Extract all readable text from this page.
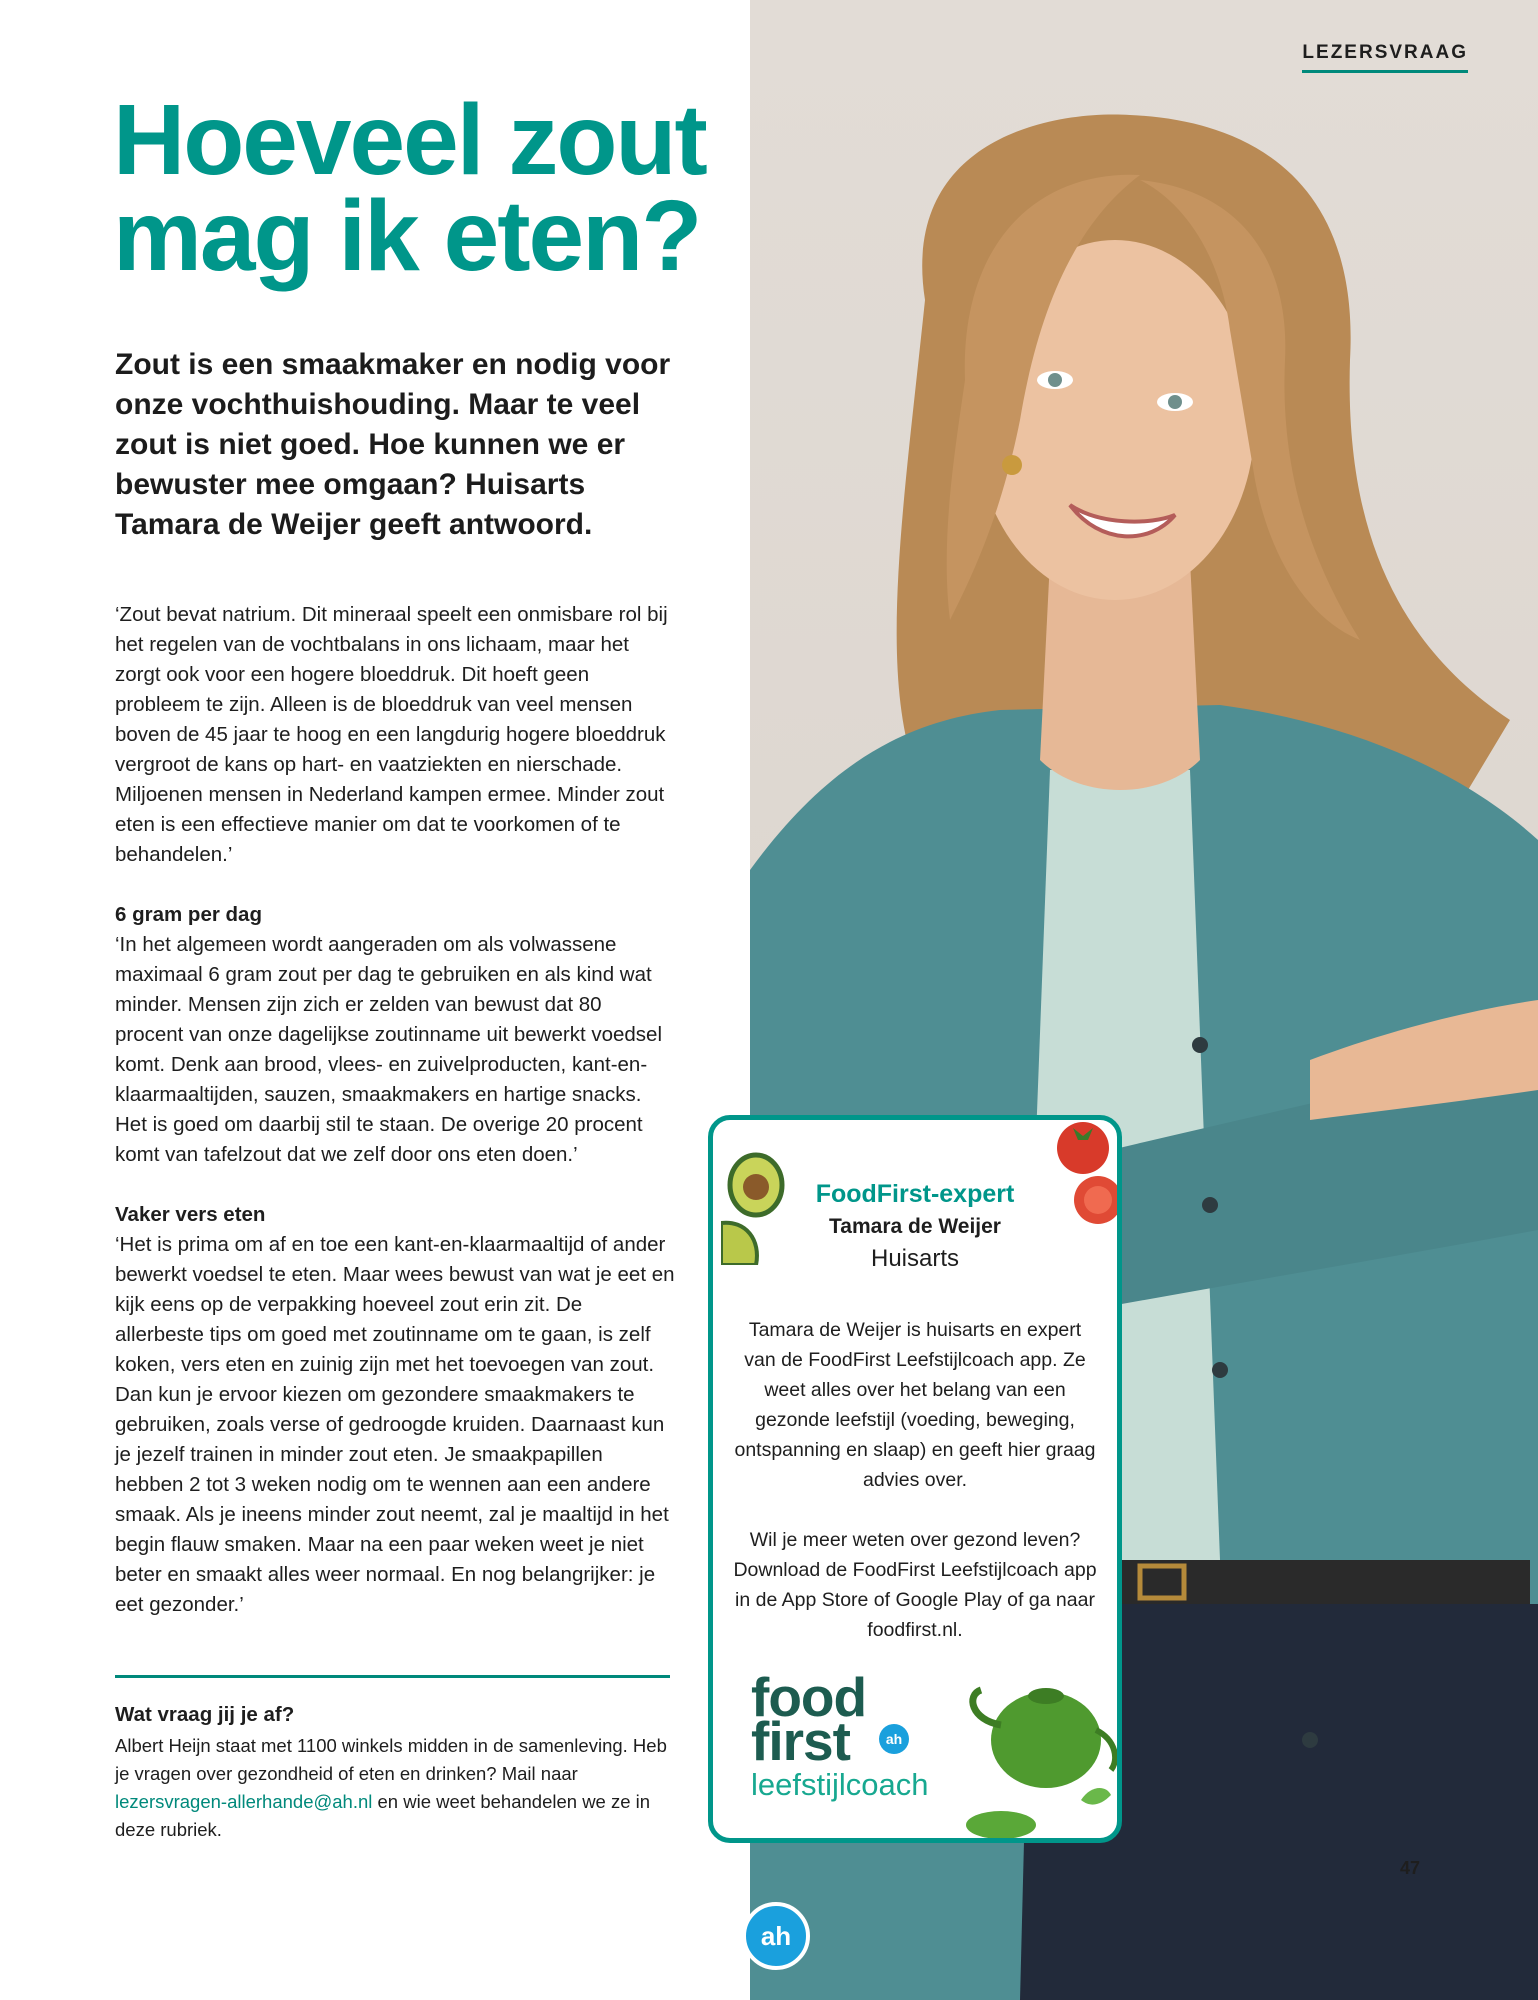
LEZERSVRAAG
Hoeveel zout
mag ik eten?

Zout is een smaakmaker en nodig voor onze vochthuishouding. Maar te veel zout is niet goed. Hoe kunnen we er bewuster mee omgaan? Huisarts Tamara de Weijer geeft antwoord.

‘Zout bevat natrium. Dit mineraal speelt een onmisbare rol bij het regelen van de vochtbalans in ons lichaam, maar het zorgt ook voor een hogere bloeddruk. Dit hoeft geen probleem te zijn. Alleen is de bloeddruk van veel mensen boven de 45 jaar te hoog en een langdurig hogere bloeddruk vergroot de kans op hart- en vaatziekten en nierschade. Miljoenen mensen in Nederland kampen ermee. Minder zout eten is een effectieve manier om dat te voorkomen of te behandelen.’

6 gram per dag

‘In het algemeen wordt aangeraden om als volwassene maximaal 6 gram zout per dag te gebruiken en als kind wat minder. Mensen zijn zich er zelden van bewust dat 80 procent van onze dagelijkse zoutinname uit bewerkt voedsel komt. Denk aan brood, vlees- en zuivelproducten, kant-en-klaarmaaltijden, sauzen, smaakmakers en hartige snacks. Het is goed om daarbij stil te staan. De overige 20 procent komt van tafelzout dat we zelf door ons eten doen.’

Vaker vers eten

‘Het is prima om af en toe een kant-en-klaarmaaltijd of ander bewerkt voedsel te eten. Maar wees bewust van wat je eet en kijk eens op de verpakking hoeveel zout erin zit. De allerbeste tips om goed met zoutinname om te gaan, is zelf koken, vers eten en zuinig zijn met het toevoegen van zout. Dan kun je ervoor kiezen om gezondere smaakmakers te gebruiken, zoals verse of gedroogde kruiden. Daarnaast kun je jezelf trainen in minder zout eten. Je smaakpapillen hebben 2 tot 3 weken nodig om te wennen aan een andere smaak. Als je ineens minder zout neemt, zal je maaltijd in het begin flauw smaken. Maar na een paar weken weet je niet beter en smaakt alles weer normaal. En nog belangrijker: je eet gezonder.’

Wat vraag jij je af?

Albert Heijn staat met 1100 winkels midden in de samenleving. Heb je vragen over gezondheid of eten en drinken? Mail naar lezersvragen-allerhande@ah.nl en wie weet behandelen we ze in deze rubriek.

FoodFirst-expert
Tamara de Weijer
Huisarts

Tamara de Weijer is huisarts en expert van de FoodFirst Leefstijlcoach app. Ze weet alles over het belang van een gezonde leefstijl (voeding, beweging, ontspanning en slaap) en geeft hier graag advies over.

Wil je meer weten over gezond leven? Download de FoodFirst Leefstijlcoach app in de App Store of Google Play of ga naar foodfirst.nl.

food
first
leefstijlcoach
ah
47
ah
